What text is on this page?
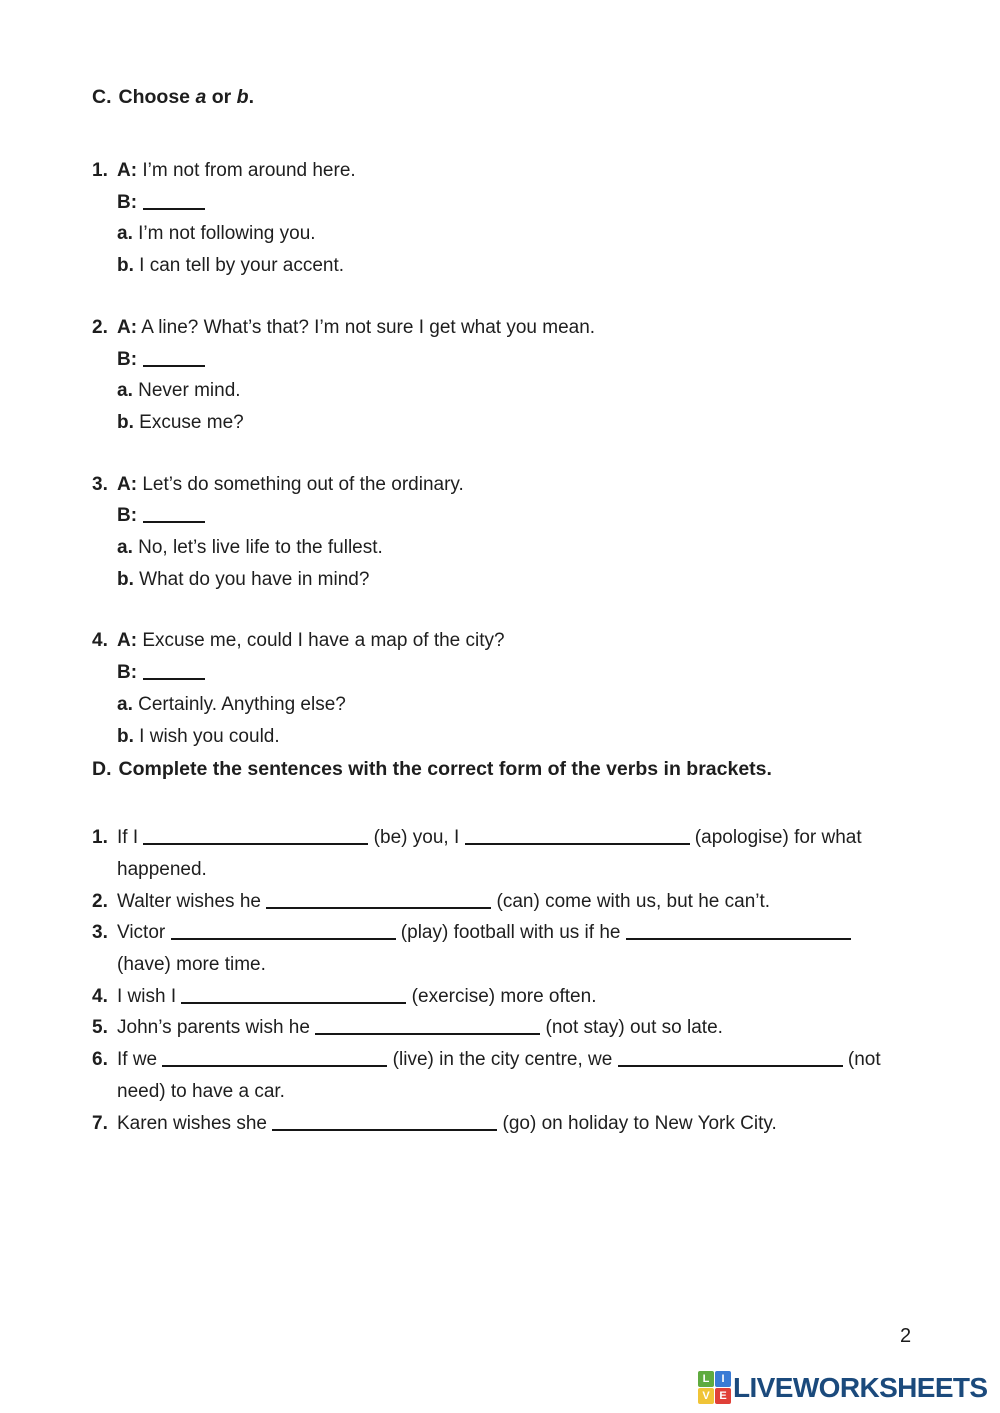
C. Choose a or b.
1. A: I’m not from around here.
B:
a. I’m not following you.
b. I can tell by your accent.
2. A: A line? What’s that? I’m not sure I get what you mean.
B:
a. Never mind.
b. Excuse me?
3. A: Let’s do something out of the ordinary.
B:
a. No, let’s live life to the fullest.
b. What do you have in mind?
4. A: Excuse me, could I have a map of the city?
B:
a. Certainly. Anything else?
b. I wish you could.
D. Complete the sentences with the correct form of the verbs in brackets.
1. If I	(be) you, I	(apologise) for what happened.
2. Walter wishes he	(can) come with us, but he can’t.
3. Victor	(play) football with us if he  (have) more time.
4. I wish I	(exercise) more often.
5. John’s parents wish he	(not stay) out so late.
6. If we	(live) in the city centre, we	(not need) to have a car.
7. Karen wishes she	(go) on holiday to New York City.
2
L	I
V E LIVEWORKSHEETS
